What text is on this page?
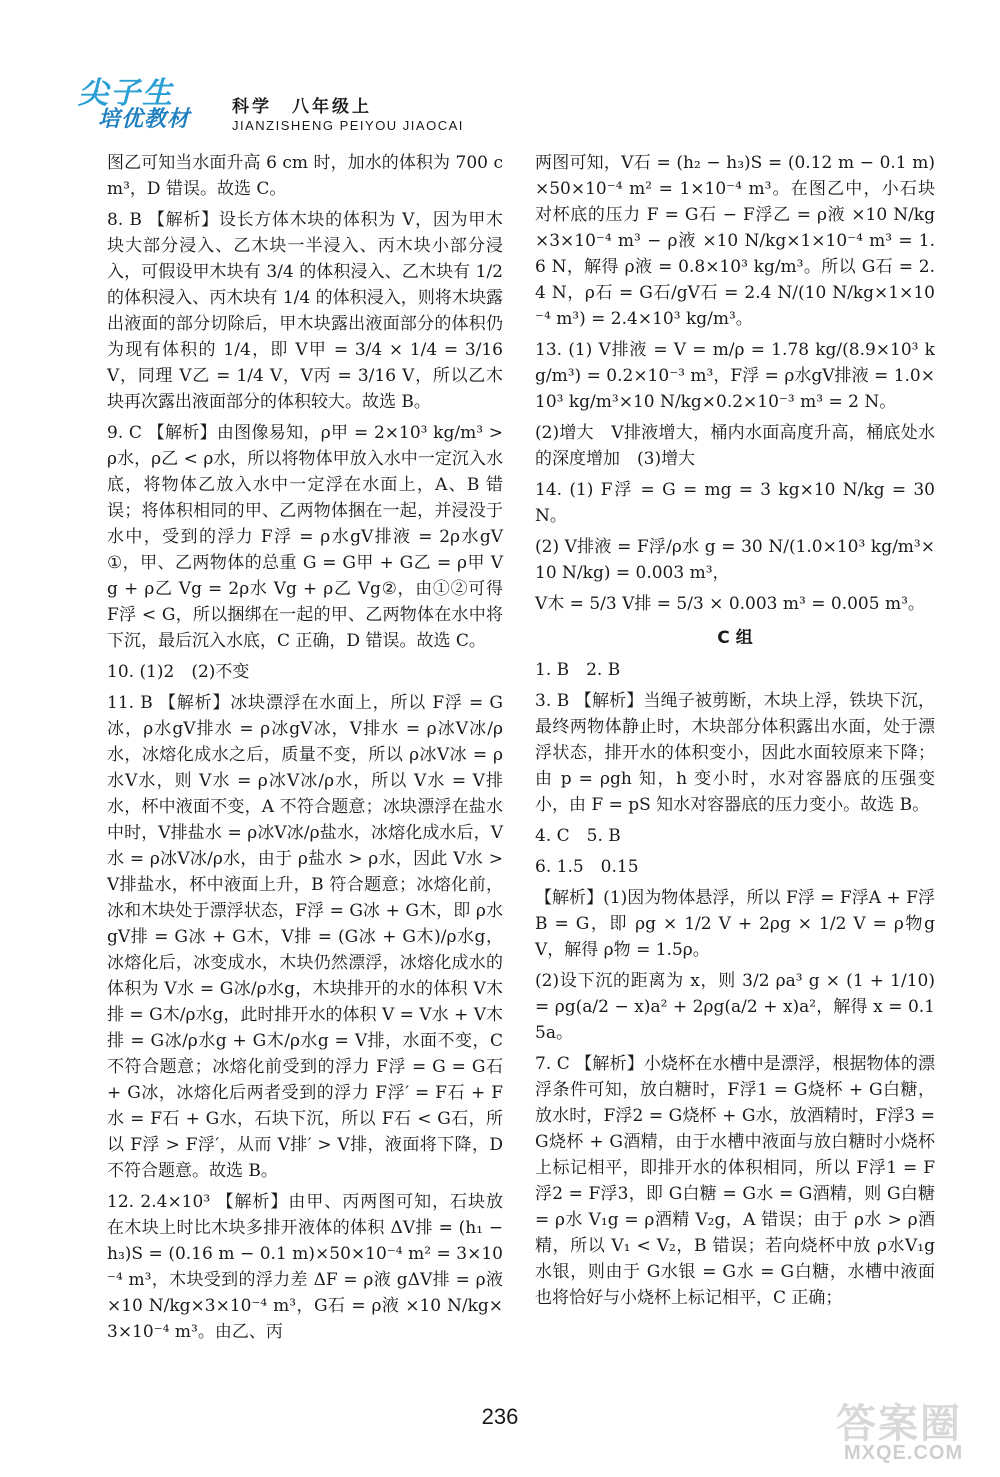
尖子生
培优教材 科学　八年级上
JIANZISHENG PEIYOU JIAOCAI

图乙可知当水面升高 6 cm 时，加水的体积为 700 cm³，D 错误。故选 C。

8. B 【解析】设长方体木块的体积为 V，因为甲木块大部分浸入、乙木块一半浸入、丙木块小部分浸入，可假设甲木块有 3/4 的体积浸入、乙木块有 1/2 的体积浸入、丙木块有 1/4 的体积浸入，则将木块露出液面的部分切除后，甲木块露出液面部分的体积仍为现有体积的 1/4，即 V甲 = 3/4 × 1/4 = 3/16 V，同理 V乙 = 1/4 V，V丙 = 3/16 V，所以乙木块再次露出液面部分的体积较大。故选 B。

9. C 【解析】由图像易知，ρ甲 = 2×10³ kg/m³ > ρ水，ρ乙 < ρ水，所以将物体甲放入水中一定沉入水底，将物体乙放入水中一定浮在水面上，A、B 错误；将体积相同的甲、乙两物体捆在一起，并浸没于水中，受到的浮力 F浮 = ρ水gV排液 = 2ρ水gV①，甲、乙两物体的总重 G = G甲 + G乙 = ρ甲 Vg + ρ乙 Vg = 2ρ水 Vg + ρ乙 Vg②，由①②可得 F浮 < G，所以捆绑在一起的甲、乙两物体在水中将下沉，最后沉入水底，C 正确，D 错误。故选 C。

10. (1)2　(2)不变

11. B 【解析】冰块漂浮在水面上，所以 F浮 = G冰，ρ水gV排水 = ρ冰gV冰，V排水 = ρ冰V冰/ρ水，冰熔化成水之后，质量不变，所以 ρ冰V冰 = ρ水V水，则 V水 = ρ冰V冰/ρ水，所以 V水 = V排水，杯中液面不变，A 不符合题意；冰块漂浮在盐水中时，V排盐水 = ρ冰V冰/ρ盐水，冰熔化成水后，V水 = ρ冰V冰/ρ水，由于 ρ盐水 > ρ水，因此 V水 > V排盐水，杯中液面上升，B 符合题意；冰熔化前，冰和木块处于漂浮状态，F浮 = G冰 + G木，即 ρ水gV排 = G冰 + G木，V排 = (G冰 + G木)/ρ水g，冰熔化后，冰变成水，木块仍然漂浮，冰熔化成水的体积为 V水 = G冰/ρ水g，木块排开的水的体积 V木排 = G木/ρ水g，此时排开水的体积 V = V水 + V木排 = G冰/ρ水g + G木/ρ水g = V排，水面不变，C 不符合题意；冰熔化前受到的浮力 F浮 = G = G石 + G冰，冰熔化后两者受到的浮力 F浮′ = F石 + F水 = F石 + G水，石块下沉，所以 F石 < G石，所以 F浮 > F浮′，从而 V排′ > V排，液面将下降，D 不符合题意。故选 B。

12. 2.4×10³ 【解析】由甲、丙两图可知，石块放在木块上时比木块多排开液体的体积 ΔV排 = (h₁ − h₃)S = (0.16 m − 0.1 m)×50×10⁻⁴ m² = 3×10⁻⁴ m³，木块受到的浮力差 ΔF = ρ液 gΔV排 = ρ液 ×10 N/kg×3×10⁻⁴ m³，G石 = ρ液 ×10 N/kg×3×10⁻⁴ m³。由乙、丙

两图可知，V石 = (h₂ − h₃)S = (0.12 m − 0.1 m)×50×10⁻⁴ m² = 1×10⁻⁴ m³。在图乙中，小石块对杯底的压力 F = G石 − F浮乙 = ρ液 ×10 N/kg×3×10⁻⁴ m³ − ρ液 ×10 N/kg×1×10⁻⁴ m³ = 1.6 N，解得 ρ液 = 0.8×10³ kg/m³。所以 G石 = 2.4 N，ρ石 = G石/gV石 = 2.4 N/(10 N/kg×1×10⁻⁴ m³) = 2.4×10³ kg/m³。

13. (1) V排液 = V = m/ρ = 1.78 kg/(8.9×10³ kg/m³) = 0.2×10⁻³ m³，F浮 = ρ水gV排液 = 1.0×10³ kg/m³×10 N/kg×0.2×10⁻³ m³ = 2 N。

(2)增大　V排液增大，桶内水面高度升高，桶底处水的深度增加　(3)增大

14. (1) F浮 = G = mg = 3 kg×10 N/kg = 30 N。

(2) V排液 = F浮/ρ水 g = 30 N/(1.0×10³ kg/m³×10 N/kg) = 0.003 m³，

V木 = 5/3 V排 = 5/3 × 0.003 m³ = 0.005 m³。

C 组

1. B　2. B

3. B 【解析】当绳子被剪断，木块上浮，铁块下沉，最终两物体静止时，木块部分体积露出水面，处于漂浮状态，排开水的体积变小，因此水面较原来下降；由 p = ρgh 知，h 变小时，水对容器底的压强变小，由 F = pS 知水对容器底的压力变小。故选 B。

4. C　5. B

6. 1.5　0.15

【解析】(1)因为物体悬浮，所以 F浮 = F浮A + F浮B = G，即 ρg × 1/2 V + 2ρg × 1/2 V = ρ物gV，解得 ρ物 = 1.5ρ。

(2)设下沉的距离为 x，则 3/2 ρa³ g × (1 + 1/10) = ρg(a/2 − x)a² + 2ρg(a/2 + x)a²，解得 x = 0.15a。

7. C 【解析】小烧杯在水槽中是漂浮，根据物体的漂浮条件可知，放白糖时，F浮1 = G烧杯 + G白糖，放水时，F浮2 = G烧杯 + G水，放酒精时，F浮3 = G烧杯 + G酒精，由于水槽中液面与放白糖时小烧杯上标记相平，即排开水的体积相同，所以 F浮1 = F浮2 = F浮3，即 G白糖 = G水 = G酒精，则 G白糖 = ρ水 V₁g = ρ酒精 V₂g，A 错误；由于 ρ水 > ρ酒精，所以 V₁ < V₂，B 错误；若向烧杯中放 ρ水V₁g 水银，则由于 G水银 = G水 = G白糖，水槽中液面也将恰好与小烧杯上标记相平，C 正确；

236	答案圈
MXQE.COM
